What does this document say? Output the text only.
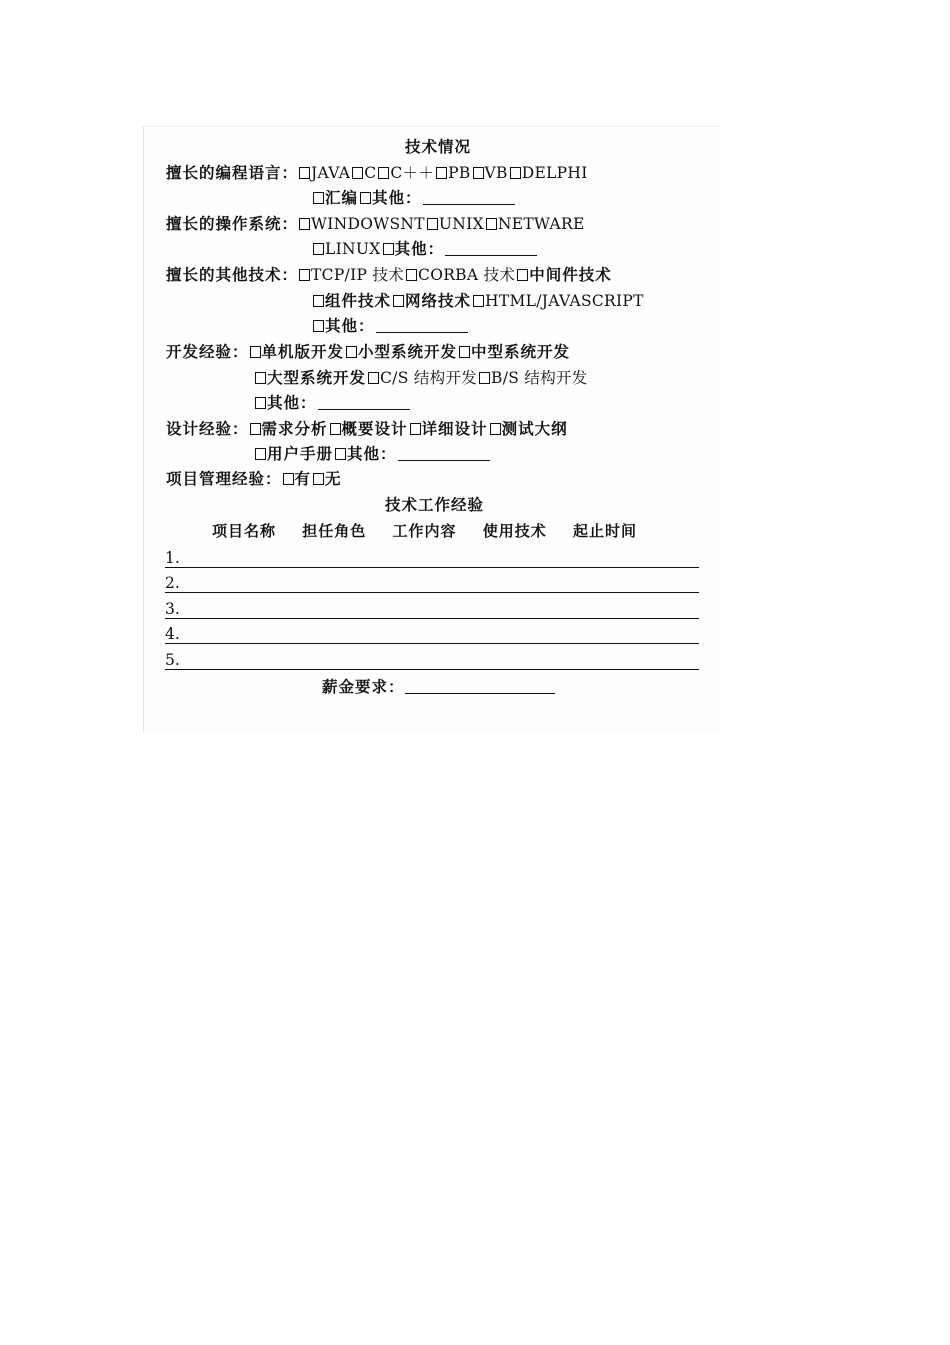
技术情况
擅长的编程语言： JAVA C C＋＋ PB VB DELPHI
汇编 其他：
擅长的操作系统： WINDOWSNT UNIX NETWARE
LINUX 其他：
擅长的其他技术： TCP/IP 技术 CORBA 技术 中间件技术
组件技术 网络技术 HTML/JAVASCRIPT
其他：
开发经验： 单机版开发 小型系统开发 中型系统开发
大型系统开发 C/S 结构开发 B/S 结构开发
其他：
设计经验： 需求分析 概要设计 详细设计 测试大纲
用户手册 其他：
项目管理经验： 有 无
技术工作经验
项目名称 担任角色 工作内容 使用技术 起止时间
1.
2.
3.
4.
5.
薪金要求：
